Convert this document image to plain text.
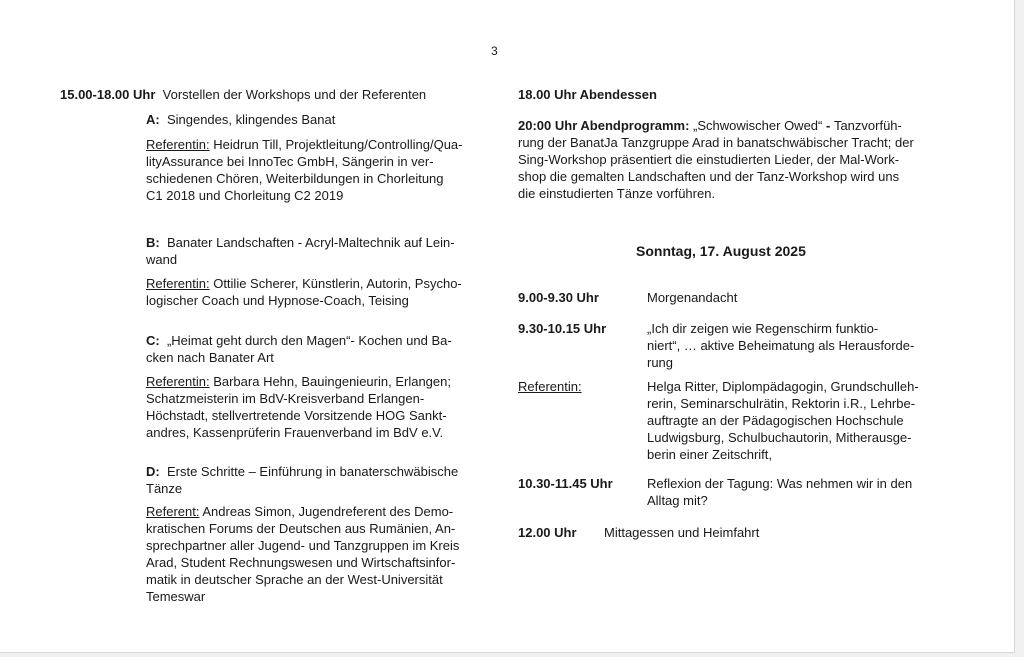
3
15.00-18.00 Uhr Vorstellen der Workshops und der Referenten
A: Singendes, klingendes Banat
Referentin: Heidrun Till, Projektleitung/Controlling/Qua-
lityAssurance bei InnoTec GmbH, Sängerin in ver-
schiedenen Chören, Weiterbildungen in Chorleitung
C1 2018 und Chorleitung C2 2019
B: Banater Landschaften - Acryl-Maltechnik auf Lein-
wand
Referentin: Ottilie Scherer, Künstlerin, Autorin, Psycho-
logischer Coach und Hypnose-Coach, Teising
C: „Heimat geht durch den Magen“- Kochen und Ba-
cken nach Banater Art
Referentin: Barbara Hehn, Bauingenieurin, Erlangen;
Schatzmeisterin im BdV-Kreisverband Erlangen-
Höchstadt, stellvertretende Vorsitzende HOG Sankt-
andres, Kassenprüferin Frauenverband im BdV e.V.
D: Erste Schritte – Einführung in banaterschwäbische
Tänze
Referent: Andreas Simon, Jugendreferent des Demo-
kratischen Forums der Deutschen aus Rumänien, An-
sprechpartner aller Jugend- und Tanzgruppen im Kreis
Arad, Student Rechnungswesen und Wirtschaftsinfor-
matik in deutscher Sprache an der West-Universität
Temeswar
18.00 Uhr Abendessen
20:00 Uhr Abendprogramm: „Schwowischer Owed“ - Tanzvorfüh-
rung der BanatJa Tanzgruppe Arad in banatschwäbischer Tracht; der
Sing-Workshop präsentiert die einstudierten Lieder, der Mal-Work-
shop die gemalten Landschaften und der Tanz-Workshop wird uns
die einstudierten Tänze vorführen.
Sonntag, 17. August 2025
9.00-9.30 Uhr	Morgenandacht
9.30-10.15 Uhr	„Ich dir zeigen wie Regenschirm funktio-
niert“, … aktive Beheimatung als Herausforde-
rung
Referentin:	Helga Ritter, Diplompädagogin, Grundschulleh-
rerin, Seminarschulrätin, Rektorin i.R., Lehrbe-
auftragte an der Pädagogischen Hochschule
Ludwigsburg, Schulbuchautorin, Mitherausge-
berin einer Zeitschrift,
10.30-11.45 Uhr	Reflexion der Tagung: Was nehmen wir in den
Alltag mit?
12.00 Uhr Mittagessen und Heimfahrt
